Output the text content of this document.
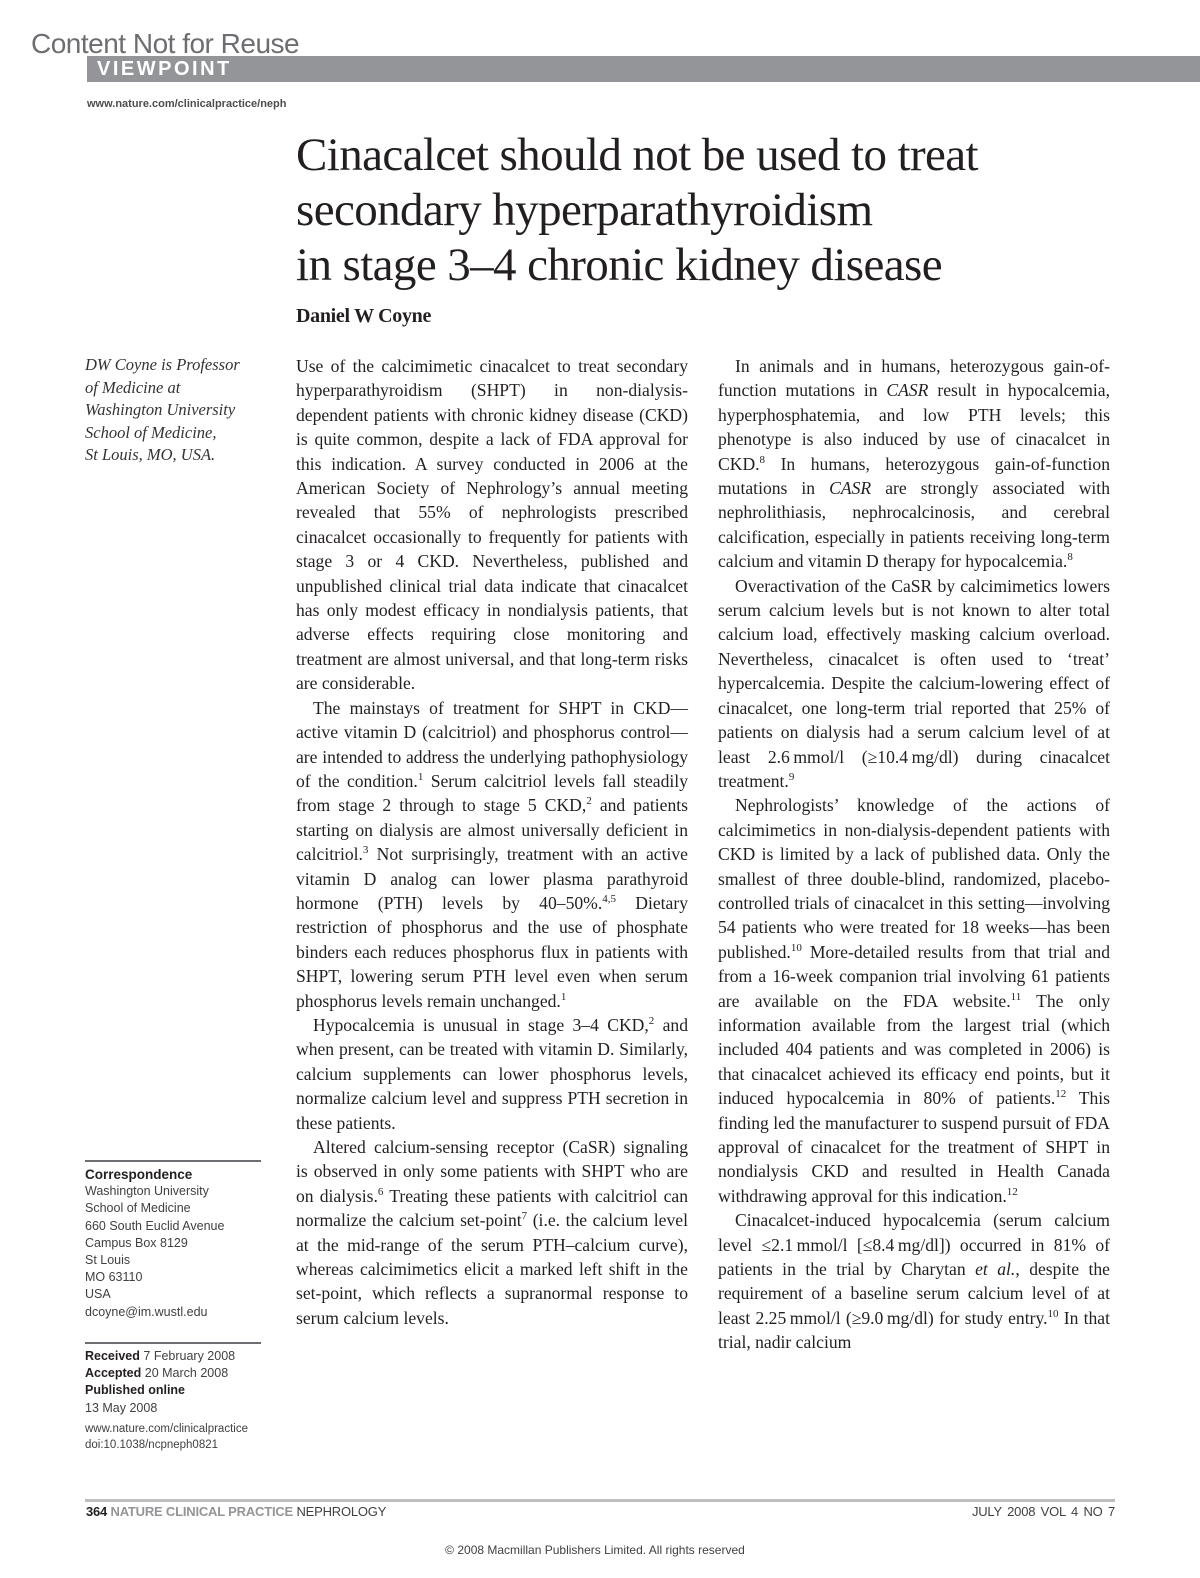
Content Not for Reuse
VIEWPOINT
www.nature.com/clinicalpractice/neph
Cinacalcet should not be used to treat
secondary hyperparathyroidism
in stage 3–4 chronic kidney disease
Daniel W Coyne
DW Coyne is Professor
of Medicine at
Washington University
School of Medicine,
St Louis, MO, USA.
Correspondence
Washington University
School of Medicine
660 South Euclid Avenue
Campus Box 8129
St Louis
MO 63110
USA
dcoyne@im.wustl.edu
Received 7 February 2008
Accepted 20 March 2008
Published online
13 May 2008
www.nature.com/clinicalpractice
doi:10.1038/ncpneph0821

Use of the calcimimetic cinacalcet to treat secondary hyperparathyroidism (SHPT) in non-dialysis-dependent patients with chronic kidney disease (CKD) is quite common, despite a lack of FDA approval for this indication. A survey conducted in 2006 at the American Society of Nephrology’s annual meeting revealed that 55% of nephrologists prescribed cinacalcet occasionally to frequently for patients with stage 3 or 4 CKD. Nevertheless, published and unpublished clinical trial data indicate that cinacalcet has only modest efficacy in nondialysis patients, that adverse effects requiring close monitoring and treatment are almost universal, and that long-term risks are considerable.

The mainstays of treatment for SHPT in CKD—active vitamin D (calcitriol) and phosphorus control—are intended to address the underlying pathophysiology of the condition.$^1$ Serum calcitriol levels fall steadily from stage 2 through to stage 5 CKD,$^2$ and patients starting on dialysis are almost universally deficient in calcitriol.$^3$ Not surprisingly, treatment with an active vitamin D analog can lower plasma parathyroid hormone (PTH) levels by 40–50%.$^{4,5}$ Dietary restriction of phosphorus and the use of phosphate binders each reduces phosphorus flux in patients with SHPT, lowering serum PTH level even when serum phosphorus levels remain unchanged.$^1$

Hypocalcemia is unusual in stage 3–4 CKD,$^2$ and when present, can be treated with vitamin D. Similarly, calcium supplements can lower phosphorus levels, normalize calcium level and suppress PTH secretion in these patients.

Altered calcium-sensing receptor (CaSR) signaling is observed in only some patients with SHPT who are on dialysis.$^6$ Treating these patients with calcitriol can normalize the calcium set-point$^7$ (i.e. the calcium level at the mid-range of the serum PTH–calcium curve), whereas calcimimetics elicit a marked left shift in the set-point, which reflects a supranormal response to serum calcium levels.

In animals and in humans, heterozygous gain-of-function mutations in CASR result in hypocalcemia, hyperphosphatemia, and low PTH levels; this phenotype is also induced by use of cinacalcet in CKD.$^8$ In humans, heterozygous gain-of-function mutations in CASR are strongly associated with nephrolithiasis, nephrocalcinosis, and cerebral calcification, especially in patients receiving long-term calcium and vitamin D therapy for hypocalcemia.$^8$

Overactivation of the CaSR by calcimimetics lowers serum calcium levels but is not known to alter total calcium load, effectively masking calcium overload. Nevertheless, cinacalcet is often used to ‘treat’ hypercalcemia. Despite the calcium-lowering effect of cinacalcet, one long-term trial reported that 25% of patients on dialysis had a serum calcium level of at least 2.6 mmol/l (≥10.4 mg/dl) during cinacalcet treatment.$^9$

Nephrologists’ knowledge of the actions of calcimimetics in non-dialysis-dependent patients with CKD is limited by a lack of published data. Only the smallest of three double-blind, randomized, placebo-controlled trials of cinacalcet in this setting—involving 54 patients who were treated for 18 weeks—has been published.$^{10}$ More-detailed results from that trial and from a 16-week companion trial involving 61 patients are available on the FDA website.$^{11}$ The only information available from the largest trial (which included 404 patients and was completed in 2006) is that cinacalcet achieved its efficacy end points, but it induced hypocalcemia in 80% of patients.$^{12}$ This finding led the manufacturer to suspend pursuit of FDA approval of cinacalcet for the treatment of SHPT in nondialysis CKD and resulted in Health Canada withdrawing approval for this indication.$^{12}$

Cinacalcet-induced hypocalcemia (serum calcium level ≤2.1 mmol/l [≤8.4 mg/dl]) occurred in 81% of patients in the trial by Charytan et al., despite the requirement of a baseline serum calcium level of at least 2.25 mmol/l (≥9.0 mg/dl) for study entry.$^{10}$ In that trial, nadir calcium

364 NATURE CLINICAL PRACTICE NEPHROLOGY	JULY 2008 VOL 4 NO 7
© 2008 Macmillan Publishers Limited. All rights reserved
